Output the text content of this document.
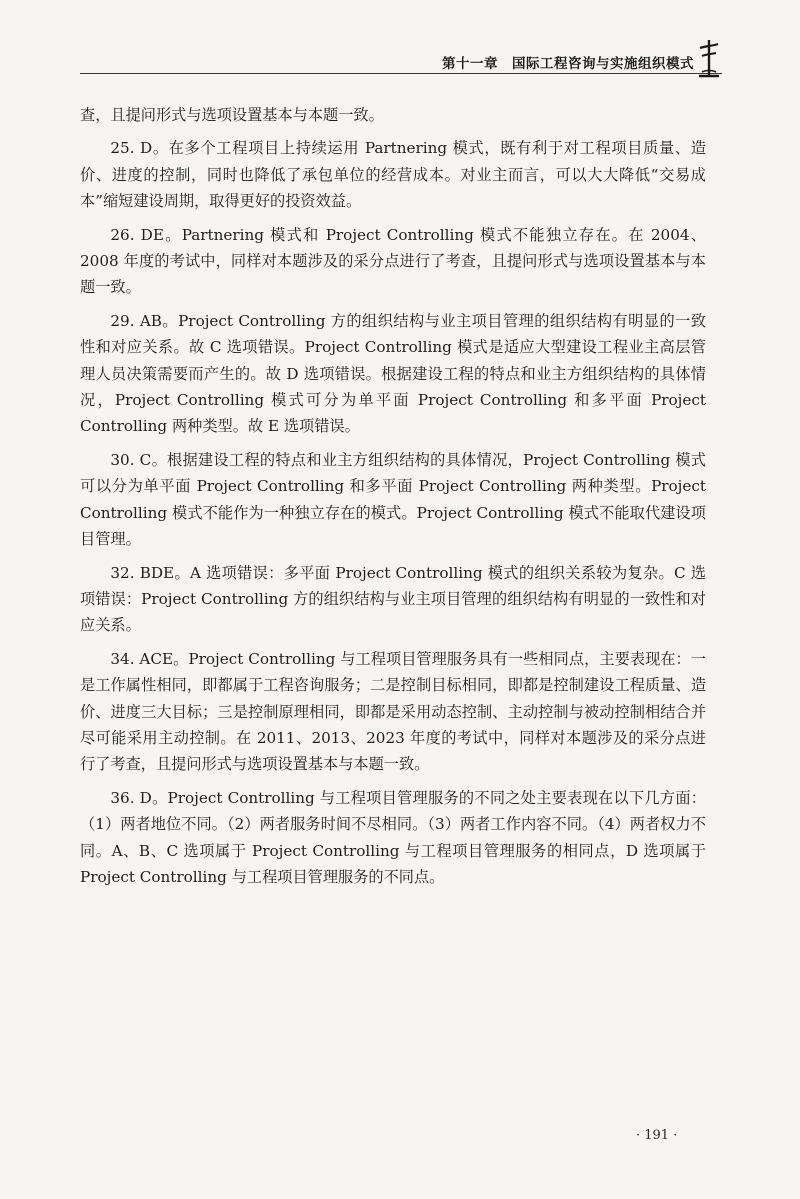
第十一章　国际工程咨询与实施组织模式

查，且提问形式与选项设置基本与本题一致。

25. D。在多个工程项目上持续运用 Partnering 模式，既有利于对工程项目质量、造价、进度的控制，同时也降低了承包单位的经营成本。对业主而言，可以大大降低“交易成本”缩短建设周期，取得更好的投资效益。

26. DE。Partnering 模式和 Project Controlling 模式不能独立存在。在 2004、2008 年度的考试中，同样对本题涉及的采分点进行了考查，且提问形式与选项设置基本与本题一致。

29. AB。Project Controlling 方的组织结构与业主项目管理的组织结构有明显的一致性和对应关系。故 C 选项错误。Project Controlling 模式是适应大型建设工程业主高层管理人员决策需要而产生的。故 D 选项错误。根据建设工程的特点和业主方组织结构的具体情况，Project Controlling 模式可分为单平面 Project Controlling 和多平面 Project Controlling 两种类型。故 E 选项错误。

30. C。根据建设工程的特点和业主方组织结构的具体情况，Project Controlling 模式可以分为单平面 Project Controlling 和多平面 Project Controlling 两种类型。Project Controlling 模式不能作为一种独立存在的模式。Project Controlling 模式不能取代建设项目管理。

32. BDE。A 选项错误：多平面 Project Controlling 模式的组织关系较为复杂。C 选项错误：Project Controlling 方的组织结构与业主项目管理的组织结构有明显的一致性和对应关系。

34. ACE。Project Controlling 与工程项目管理服务具有一些相同点，主要表现在：一是工作属性相同，即都属于工程咨询服务；二是控制目标相同，即都是控制建设工程质量、造价、进度三大目标；三是控制原理相同，即都是采用动态控制、主动控制与被动控制相结合并尽可能采用主动控制。在 2011、2013、2023 年度的考试中，同样对本题涉及的采分点进行了考查，且提问形式与选项设置基本与本题一致。

36. D。Project Controlling 与工程项目管理服务的不同之处主要表现在以下几方面：（1）两者地位不同。（2）两者服务时间不尽相同。（3）两者工作内容不同。（4）两者权力不同。A、B、C 选项属于 Project Controlling 与工程项目管理服务的相同点，D 选项属于 Project Controlling 与工程项目管理服务的不同点。

· 191 ·
